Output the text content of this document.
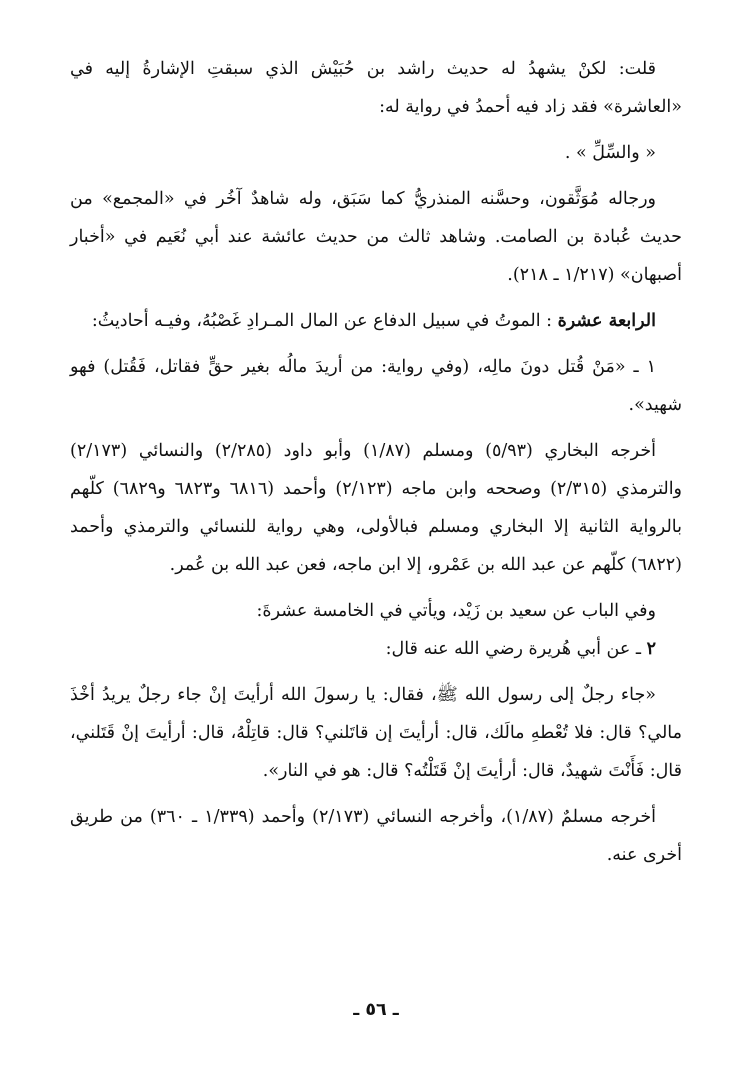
قلت: لكنْ يشهدُ له حديث راشد بن حُبَيْش الذي سبقتِ الإشارةُ إليه في «العاشرة» فقد زاد فيه أحمدُ في رواية له:

« والسِّلِّ » .

ورجاله مُوَثَّقون، وحسَّنه المنذريُّ كما سَبَق، وله شاهدٌ آخُر في «المجمع» من حديث عُبادة بن الصامت. وشاهد ثالث من حديث عائشة عند أبي نُعَيم في «أخبار أصبهان» (١/٢١٧ ـ ٢١٨).

الرابعة عشرة : الموتُ في سبيل الدفاع عن المال المـرادِ غَصْبُهُ، وفيـه أحاديثُ:

١ ـ «مَنْ قُتل دونَ مالِه، (وفي رواية: من أريدَ مالُه بغير حقٍّ فقاتل، فَقُتل) فهو شهيد».

أخرجه البخاري (٥/٩٣) ومسلم (١/٨٧) وأبو داود (٢/٢٨٥) والنسائي (٢/١٧٣) والترمذي (٢/٣١٥) وصححه وابن ماجه (٢/١٢٣) وأحمد (٦٨١٦ و٦٨٢٣ و٦٨٢٩) كلّهم بالرواية الثانية إلا البخاري ومسلم فبالأولى، وهي رواية للنسائي والترمذي وأحمد (٦٨٢٢) كلّهم عن عبد الله بن عَمْرو، إلا ابن ماجه، فعن عبد الله بن عُمر.

وفي الباب عن سعيد بن زَيْد، ويأتي في الخامسة عشرةَ:

٢ ـ عن أبي هُريرة رضي الله عنه قال:

«جاء رجلٌ إلى رسول الله ﷺ، فقال: يا رسولَ الله أرأيتَ إنْ جاء رجلٌ يريدُ أخْذَ مالي؟ قال: فلا تُعْطهِ مالَك، قال: أرأيتَ إن قاتَلني؟ قال: قاتِلْهُ، قال: أرأيتَ إنْ قَتَلني، قال: فَأَنْتَ شهيدٌ، قال: أرأيتَ إنْ قَتَلْتُه؟ قال: هو في النار».

أخرجه مسلمٌ (١/٨٧)، وأخرجه النسائي (٢/١٧٣) وأحمد (١/٣٣٩ ـ ٣٦٠) من طريق أخرى عنه.

ـ ٥٦ ـ
